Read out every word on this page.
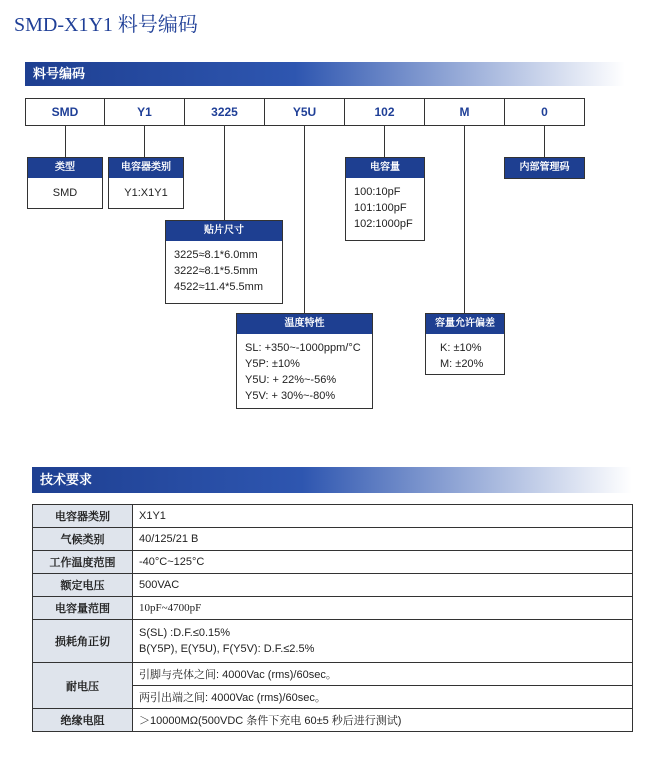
SMD-X1Y1 料号编码
料号编码
SMD	Y1	3225	Y5U	102	M	0
类型
SMD
电容器类别
Y1:X1Y1
贴片尺寸
3225≈8.1*6.0mm
3222≈8.1*5.5mm
4522≈11.4*5.5mm
温度特性
SL: +350~-1000ppm/°C
Y5P: ±10%
Y5U: + 22%~-56%
Y5V: + 30%~-80%
电容量
100:10pF
101:100pF
102:1000pF
容量允许偏差
K: ±10%
M: ±20%
内部管理码
技术要求
电容器类别	X1Y1
气候类别	40/125/21 B
工作温度范围	-40°C~125°C
额定电压	500VAC
电容量范围	10pF~4700pF
损耗角正切	S(SL) :D.F.≤0.15%
B(Y5P), E(Y5U), F(Y5V): D.F.≤2.5%

耐电压	引脚与壳体之间: 4000Vac (rms)/60sec。
	两引出端之间: 4000Vac (rms)/60sec。
绝缘电阻	＞10000MΩ(500VDC 条件下充电 60±5 秒后进行测试)
